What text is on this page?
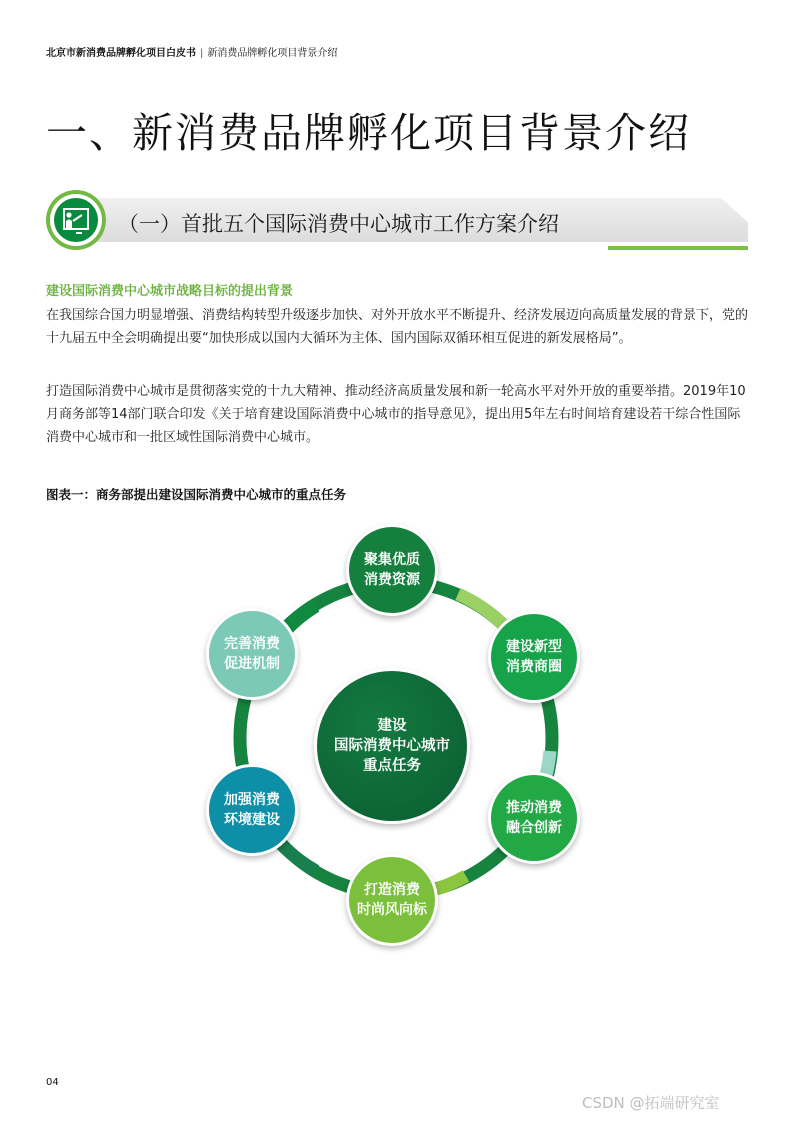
北京市新消费品牌孵化项目白皮书 | 新消费品牌孵化项目背景介绍
一、新消费品牌孵化项目背景介绍
（一）首批五个国际消费中心城市工作方案介绍
建设国际消费中心城市战略目标的提出背景

在我国综合国力明显增强、消费结构转型升级逐步加快、对外开放水平不断提升、经济发展迈向高质量发展的背景下，党的十九届五中全会明确提出要“加快形成以国内大循环为主体、国内国际双循环相互促进的新发展格局”。

打造国际消费中心城市是贯彻落实党的十九大精神、推动经济高质量发展和新一轮高水平对外开放的重要举措。2019年10月商务部等14部门联合印发《关于培育建设国际消费中心城市的指导意见》，提出用5年左右时间培育建设若干综合性国际消费中心城市和一批区域性国际消费中心城市。

图表一：商务部提出建设国际消费中心城市的重点任务
建设
国际消费中心城市
重点任务
聚集优质
消费资源
建设新型
消费商圈
推动消费
融合创新
打造消费
时尚风向标
加强消费
环境建设
完善消费
促进机制
04
CSDN @拓端研究室
